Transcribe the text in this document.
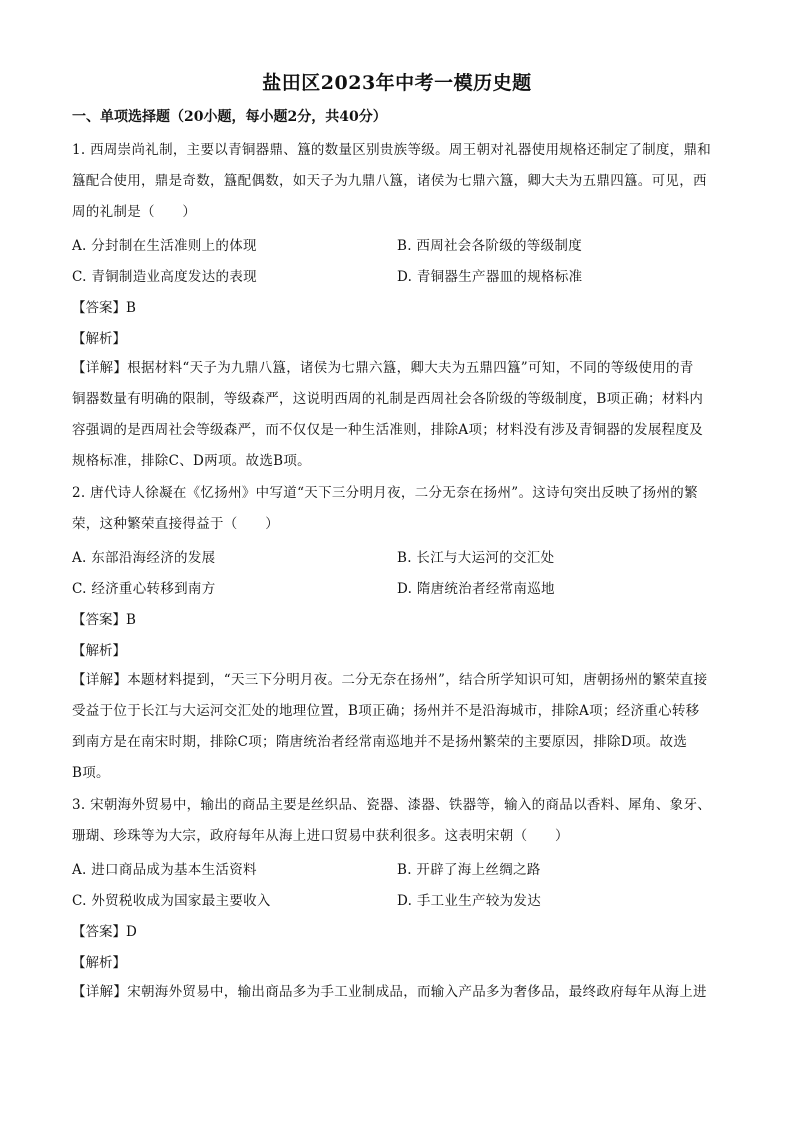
盐田区2023年中考一模历史题
一、单项选择题（20小题，每小题2分，共40分）
1. 西周崇尚礼制，主要以青铜器鼎、簋的数量区别贵族等级。周王朝对礼器使用规格还制定了制度，鼎和
簋配合使用，鼎是奇数，簋配偶数，如天子为九鼎八簋，诸侯为七鼎六簋，卿大夫为五鼎四簋。可见，西
周的礼制是（　　）
A. 分封制在生活准则上的体现	B. 西周社会各阶级的等级制度
C. 青铜制造业高度发达的表现	D. 青铜器生产器皿的规格标准
【答案】B
【解析】
【详解】根据材料“天子为九鼎八簋，诸侯为七鼎六簋，卿大夫为五鼎四簋”可知，不同的等级使用的青
铜器数量有明确的限制，等级森严，这说明西周的礼制是西周社会各阶级的等级制度，B项正确；材料内
容强调的是西周社会等级森严，而不仅仅是一种生活准则，排除A项；材料没有涉及青铜器的发展程度及
规格标准，排除C、D两项。故选B项。
2. 唐代诗人徐凝在《忆扬州》中写道“天下三分明月夜，二分无奈在扬州”。这诗句突出反映了扬州的繁
荣，这种繁荣直接得益于（　　）
A. 东部沿海经济的发展	B. 长江与大运河的交汇处
C. 经济重心转移到南方	D. 隋唐统治者经常南巡地
【答案】B
【解析】
【详解】本题材料提到，“天三下分明月夜。二分无奈在扬州”，结合所学知识可知，唐朝扬州的繁荣直接
受益于位于长江与大运河交汇处的地理位置，B项正确；扬州并不是沿海城市，排除A项；经济重心转移
到南方是在南宋时期，排除C项；隋唐统治者经常南巡地并不是扬州繁荣的主要原因，排除D项。故选
B项。
3. 宋朝海外贸易中，输出的商品主要是丝织品、瓷器、漆器、铁器等，输入的商品以香料、犀角、象牙、
珊瑚、珍珠等为大宗，政府每年从海上进口贸易中获利很多。这表明宋朝（　　）
A. 进口商品成为基本生活资料	B. 开辟了海上丝绸之路
C. 外贸税收成为国家最主要收入	D. 手工业生产较为发达
【答案】D
【解析】
【详解】宋朝海外贸易中，输出商品多为手工业制成品，而输入产品多为奢侈品，最终政府每年从海上进
